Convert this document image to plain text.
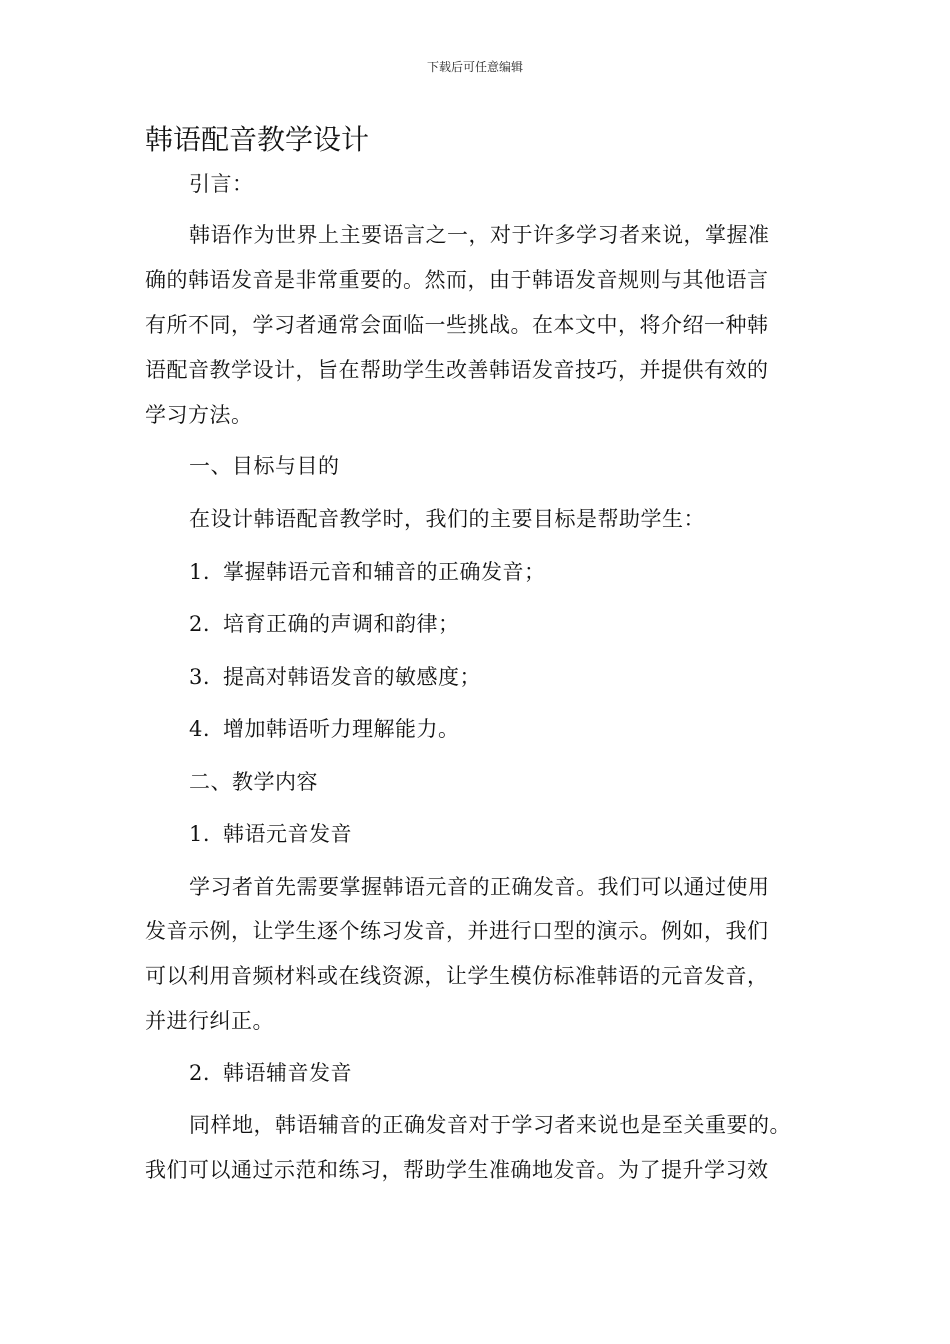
下载后可任意编辑
韩语配音教学设计
引言：
韩语作为世界上主要语言之一，对于许多学习者来说，掌握准
确的韩语发音是非常重要的。然而，由于韩语发音规则与其他语言
有所不同，学习者通常会面临一些挑战。在本文中，将介绍一种韩
语配音教学设计，旨在帮助学生改善韩语发音技巧，并提供有效的
学习方法。
一、目标与目的
在设计韩语配音教学时，我们的主要目标是帮助学生：
1. 掌握韩语元音和辅音的正确发音；
2. 培育正确的声调和韵律；
3. 提高对韩语发音的敏感度；
4. 增加韩语听力理解能力。
二、教学内容
1. 韩语元音发音
学习者首先需要掌握韩语元音的正确发音。我们可以通过使用
发音示例，让学生逐个练习发音，并进行口型的演示。例如，我们
可以利用音频材料或在线资源，让学生模仿标准韩语的元音发音，
并进行纠正。
2. 韩语辅音发音
同样地，韩语辅音的正确发音对于学习者来说也是至关重要的。
我们可以通过示范和练习，帮助学生准确地发音。为了提升学习效
